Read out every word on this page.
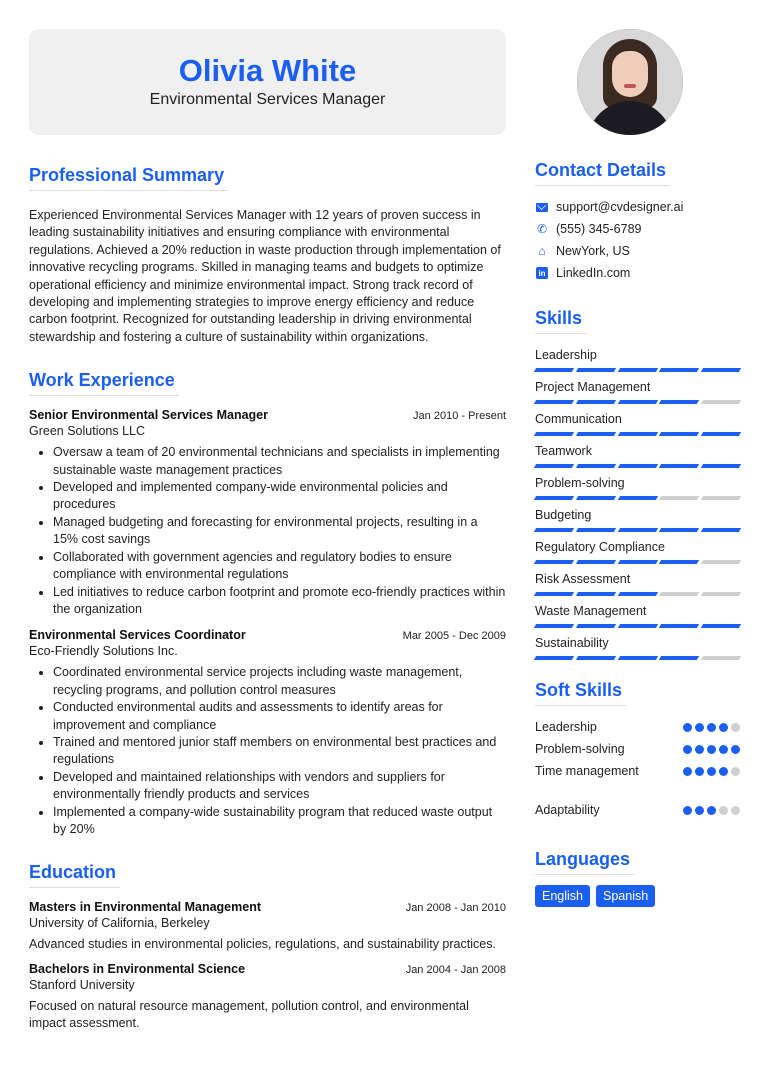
Olivia White
Environmental Services Manager
Professional Summary
Experienced Environmental Services Manager with 12 years of proven success in leading sustainability initiatives and ensuring compliance with environmental regulations. Achieved a 20% reduction in waste production through implementation of innovative recycling programs. Skilled in managing teams and budgets to optimize operational efficiency and minimize environmental impact. Strong track record of developing and implementing strategies to improve energy efficiency and reduce carbon footprint. Recognized for outstanding leadership in driving environmental stewardship and fostering a culture of sustainability within organizations.
Work Experience
Senior Environmental Services Manager	Jan 2010 - Present
Green Solutions LLC
• Oversaw a team of 20 environmental technicians and specialists in implementing sustainable waste management practices
• Developed and implemented company-wide environmental policies and procedures
• Managed budgeting and forecasting for environmental projects, resulting in a 15% cost savings
• Collaborated with government agencies and regulatory bodies to ensure compliance with environmental regulations
• Led initiatives to reduce carbon footprint and promote eco-friendly practices within the organization
Environmental Services Coordinator	Mar 2005 - Dec 2009
Eco-Friendly Solutions Inc.
• Coordinated environmental service projects including waste management, recycling programs, and pollution control measures
• Conducted environmental audits and assessments to identify areas for improvement and compliance
• Trained and mentored junior staff members on environmental best practices and regulations
• Developed and maintained relationships with vendors and suppliers for environmentally friendly products and services
• Implemented a company-wide sustainability program that reduced waste output by 20%
Education
Masters in Environmental Management	Jan 2008 - Jan 2010
University of California, Berkeley
Advanced studies in environmental policies, regulations, and sustainability practices.
Bachelors in Environmental Science	Jan 2004 - Jan 2008
Stanford University
Focused on natural resource management, pollution control, and environmental impact assessment.
Contact Details
support@cvdesigner.ai
✆ (555) 345-6789
⌂ NewYork, US
in LinkedIn.com
Skills
Leadership
Project Management
Communication
Teamwork
Problem-solving
Budgeting
Regulatory Compliance
Risk Assessment
Waste Management
Sustainability
Soft Skills
Leadership
Problem-solving
Time management
Adaptability
Languages
English	Spanish
